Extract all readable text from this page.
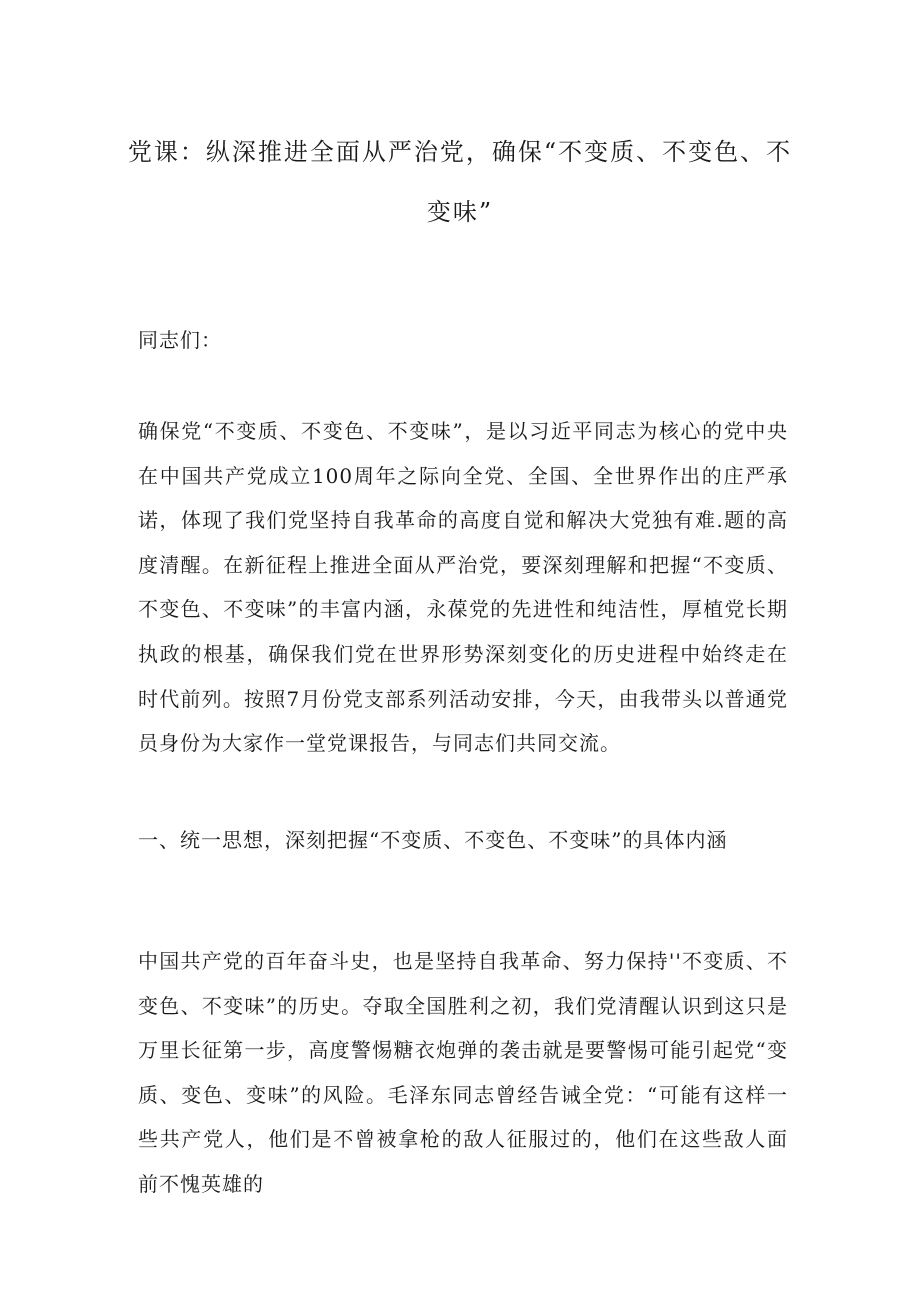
党课：纵深推进全面从严治党，确保“不变质、不变色、不变味”

同志们：

确保党“不变质、不变色、不变味”，是以习近平同志为核心的党中央在中国共产党成立100周年之际向全党、全国、全世界作出的庄严承诺，体现了我们党坚持自我革命的高度自觉和解决大党独有难.题的高度清醒。在新征程上推进全面从严治党，要深刻理解和把握“不变质、不变色、不变味”的丰富内涵，永葆党的先进性和纯洁性，厚植党长期执政的根基，确保我们党在世界形势深刻变化的历史进程中始终走在时代前列。按照7月份党支部系列活动安排，今天，由我带头以普通党员身份为大家作一堂党课报告，与同志们共同交流。

一、统一思想，深刻把握“不变质、不变色、不变味”的具体内涵

中国共产党的百年奋斗史，也是坚持自我革命、努力保持''不变质、不变色、不变味”的历史。夺取全国胜利之初，我们党清醒认识到这只是万里长征第一步，高度警惕糖衣炮弹的袭击就是要警惕可能引起党“变质、变色、变味”的风险。毛泽东同志曾经告诫全党：“可能有这样一些共产党人，他们是不曾被拿枪的敌人征服过的，他们在这些敌人面前不愧英雄的
